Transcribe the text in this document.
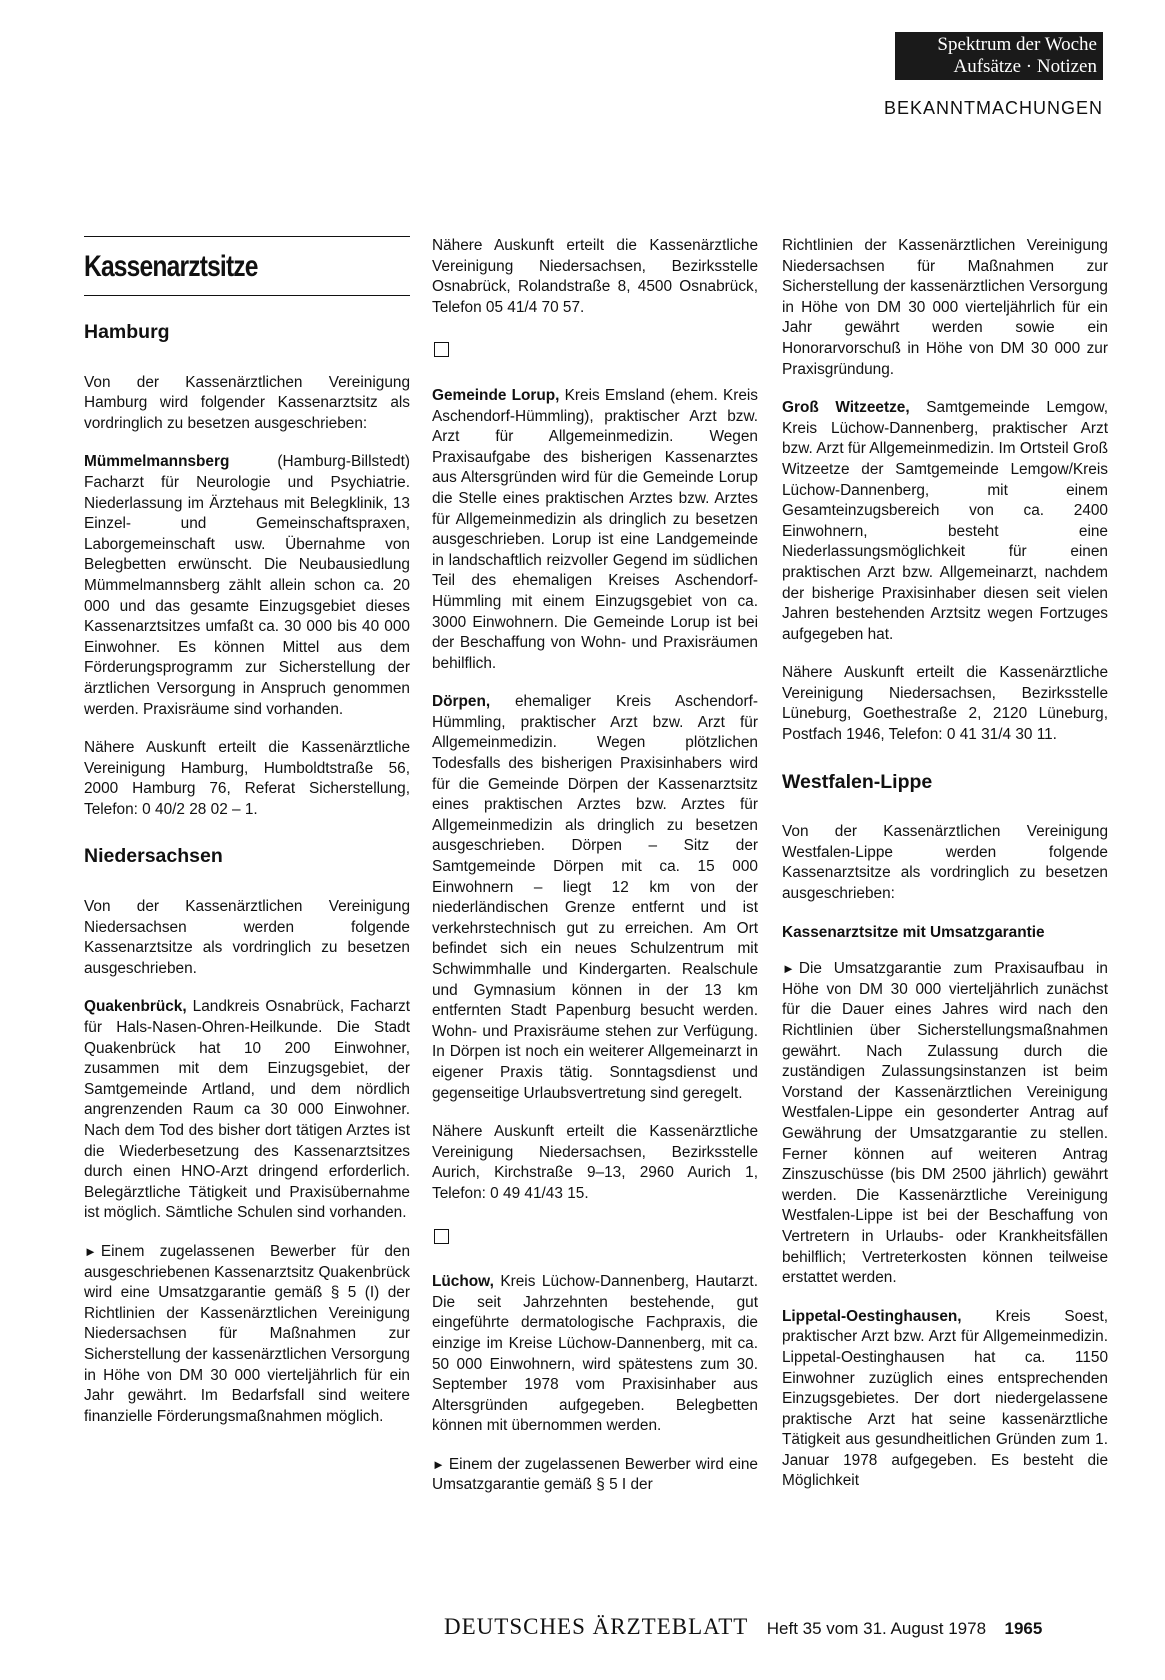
Spektrum der Woche
Aufsätze · Notizen
BEKANNTMACHUNGEN
Kassenarztsitze
Hamburg

Von der Kassenärztlichen Vereinigung Hamburg wird folgender Kassenarztsitz als vordringlich zu besetzen ausgeschrieben:

Mümmelmannsberg (Hamburg-Billstedt) Facharzt für Neurologie und Psychiatrie. Niederlassung im Ärztehaus mit Belegklinik, 13 Einzel- und Gemeinschaftspraxen, Laborgemeinschaft usw. Übernahme von Belegbetten erwünscht. Die Neubausiedlung Mümmelmannsberg zählt allein schon ca. 20 000 und das gesamte Einzugsgebiet dieses Kassenarztsitzes umfaßt ca. 30 000 bis 40 000 Einwohner. Es können Mittel aus dem Förderungsprogramm zur Sicherstellung der ärztlichen Versorgung in Anspruch genommen werden. Praxisräume sind vorhanden.

Nähere Auskunft erteilt die Kassenärztliche Vereinigung Hamburg, Humboldtstraße 56, 2000 Hamburg 76, Referat Sicherstellung, Telefon: 0 40/2 28 02 – 1.

Niedersachsen

Von der Kassenärztlichen Vereinigung Niedersachsen werden folgende Kassenarztsitze als vordringlich zu besetzen ausgeschrieben.

Quakenbrück, Landkreis Osnabrück, Facharzt für Hals-Nasen-Ohren-Heilkunde. Die Stadt Quakenbrück hat 10 200 Einwohner, zusammen mit dem Einzugsgebiet, der Samtgemeinde Artland, und dem nördlich angrenzenden Raum ca 30 000 Einwohner. Nach dem Tod des bisher dort tätigen Arztes ist die Wiederbesetzung des Kassenarztsitzes durch einen HNO-Arzt dringend erforderlich. Belegärztliche Tätigkeit und Praxisübernahme ist möglich. Sämtliche Schulen sind vorhanden.

► Einem zugelassenen Bewerber für den ausgeschriebenen Kassenarztsitz Quakenbrück wird eine Umsatzgarantie gemäß § 5 (I) der Richtlinien der Kassenärztlichen Vereinigung Niedersachsen für Maßnahmen zur Sicherstellung der kassenärztlichen Versorgung in Höhe von DM 30 000 vierteljährlich für ein Jahr gewährt. Im Bedarfsfall sind weitere finanzielle Förderungsmaßnahmen möglich.

Nähere Auskunft erteilt die Kassenärztliche Vereinigung Niedersachsen, Bezirksstelle Osnabrück, Rolandstraße 8, 4500 Osnabrück, Telefon 05 41/4 70 57.

Gemeinde Lorup, Kreis Emsland (ehem. Kreis Aschendorf-Hümmling), praktischer Arzt bzw. Arzt für Allgemeinmedizin. Wegen Praxisaufgabe des bisherigen Kassenarztes aus Altersgründen wird für die Gemeinde Lorup die Stelle eines praktischen Arztes bzw. Arztes für Allgemeinmedizin als dringlich zu besetzen ausgeschrieben. Lorup ist eine Landgemeinde in landschaftlich reizvoller Gegend im südlichen Teil des ehemaligen Kreises Aschendorf-Hümmling mit einem Einzugsgebiet von ca. 3000 Einwohnern. Die Gemeinde Lorup ist bei der Beschaffung von Wohn- und Praxisräumen behilflich.

Dörpen, ehemaliger Kreis Aschendorf-Hümmling, praktischer Arzt bzw. Arzt für Allgemeinmedizin. Wegen plötzlichen Todesfalls des bisherigen Praxisinhabers wird für die Gemeinde Dörpen der Kassenarztsitz eines praktischen Arztes bzw. Arztes für Allgemeinmedizin als dringlich zu besetzen ausgeschrieben. Dörpen – Sitz der Samtgemeinde Dörpen mit ca. 15 000 Einwohnern – liegt 12 km von der niederländischen Grenze entfernt und ist verkehrstechnisch gut zu erreichen. Am Ort befindet sich ein neues Schulzentrum mit Schwimmhalle und Kindergarten. Realschule und Gymnasium können in der 13 km entfernten Stadt Papenburg besucht werden. Wohn- und Praxisräume stehen zur Verfügung. In Dörpen ist noch ein weiterer Allgemeinarzt in eigener Praxis tätig. Sonntagsdienst und gegenseitige Urlaubsvertretung sind geregelt.

Nähere Auskunft erteilt die Kassenärztliche Vereinigung Niedersachsen, Bezirksstelle Aurich, Kirchstraße 9–13, 2960 Aurich 1, Telefon: 0 49 41/43 15.

Lüchow, Kreis Lüchow-Dannenberg, Hautarzt. Die seit Jahrzehnten bestehende, gut eingeführte dermatologische Fachpraxis, die einzige im Kreise Lüchow-Dannenberg, mit ca. 50 000 Einwohnern, wird spätestens zum 30. September 1978 vom Praxisinhaber aus Altersgründen aufgegeben. Belegbetten können mit übernommen werden.

► Einem der zugelassenen Bewerber wird eine Umsatzgarantie gemäß § 5 I der

Richtlinien der Kassenärztlichen Vereinigung Niedersachsen für Maßnahmen zur Sicherstellung der kassenärztlichen Versorgung in Höhe von DM 30 000 vierteljährlich für ein Jahr gewährt werden sowie ein Honorarvorschuß in Höhe von DM 30 000 zur Praxisgründung.

Groß Witzeetze, Samtgemeinde Lemgow, Kreis Lüchow-Dannenberg, praktischer Arzt bzw. Arzt für Allgemeinmedizin. Im Ortsteil Groß Witzeetze der Samtgemeinde Lemgow/Kreis Lüchow-Dannenberg, mit einem Gesamteinzugsbereich von ca. 2400 Einwohnern, besteht eine Niederlassungsmöglichkeit für einen praktischen Arzt bzw. Allgemeinarzt, nachdem der bisherige Praxisinhaber diesen seit vielen Jahren bestehenden Arztsitz wegen Fortzuges aufgegeben hat.

Nähere Auskunft erteilt die Kassenärztliche Vereinigung Niedersachsen, Bezirksstelle Lüneburg, Goethestraße 2, 2120 Lüneburg, Postfach 1946, Telefon: 0 41 31/4 30 11.

Westfalen-Lippe

Von der Kassenärztlichen Vereinigung Westfalen-Lippe werden folgende Kassenarztsitze als vordringlich zu besetzen ausgeschrieben:

Kassenarztsitze mit Umsatzgarantie

► Die Umsatzgarantie zum Praxisaufbau in Höhe von DM 30 000 vierteljährlich zunächst für die Dauer eines Jahres wird nach den Richtlinien über Sicherstellungsmaßnahmen gewährt. Nach Zulassung durch die zuständigen Zulassungsinstanzen ist beim Vorstand der Kassenärztlichen Vereinigung Westfalen-Lippe ein gesonderter Antrag auf Gewährung der Umsatzgarantie zu stellen. Ferner können auf weiteren Antrag Zinszuschüsse (bis DM 2500 jährlich) gewährt werden. Die Kassenärztliche Vereinigung Westfalen-Lippe ist bei der Beschaffung von Vertretern in Urlaubs- oder Krankheitsfällen behilflich; Vertreterkosten können teilweise erstattet werden.

Lippetal-Oestinghausen, Kreis Soest, praktischer Arzt bzw. Arzt für Allgemeinmedizin. Lippetal-Oestinghausen hat ca. 1150 Einwohner zuzüglich eines entsprechenden Einzugsgebietes. Der dort niedergelassene praktische Arzt hat seine kassenärztliche Tätigkeit aus gesundheitlichen Gründen zum 1. Januar 1978 aufgegeben. Es besteht die Möglichkeit

DEUTSCHES ÄRZTEBLATT Heft 35 vom 31. August 1978 1965
